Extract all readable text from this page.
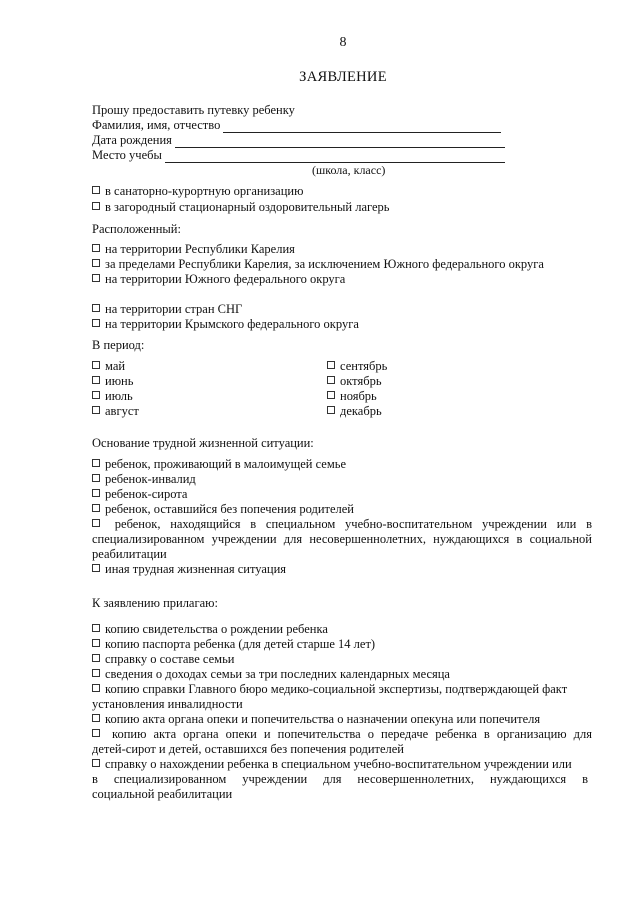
8
ЗАЯВЛЕНИЕ
Прошу предоставить путевку ребенку
Фамилия, имя, отчество
Дата рождения
Место учебы
(школа, класс)
в санаторно-курортную организацию
в загородный стационарный оздоровительный лагерь
Расположенный:
на территории Республики Карелия
за пределами Республики Карелия, за исключением Южного федерального округа
на территории Южного федерального округа
на территории стран СНГ
на территории Крымского федерального округа
В период:
май
июнь
июль
август
сентябрь
октябрь
ноябрь
декабрь
Основание трудной жизненной ситуации:
ребенок, проживающий в малоимущей семье
ребенок-инвалид
ребенок-сирота
ребенок, оставшийся без попечения родителей
ребенок, находящийся в специальном учебно-воспитательном учреждении или в
специализированном учреждении для несовершеннолетних, нуждающихся в социальной
реабилитации
иная трудная жизненная ситуация
К заявлению прилагаю:
копию свидетельства о рождении ребенка
копию паспорта ребенка (для детей старше 14 лет)
справку о составе семьи
сведения о доходах семьи за три последних календарных месяца
копию справки Главного бюро медико-социальной экспертизы, подтверждающей факт
установления инвалидности
копию акта органа опеки и попечительства о назначении опекуна или попечителя
копию акта органа опеки и попечительства о передаче ребенка в организацию для
детей-сирот и детей, оставшихся без попечения родителей
справку о нахождении ребенка в специальном учебно-воспитательном учреждении или
в специализированном учреждении для несовершеннолетних, нуждающихся в
социальной реабилитации
